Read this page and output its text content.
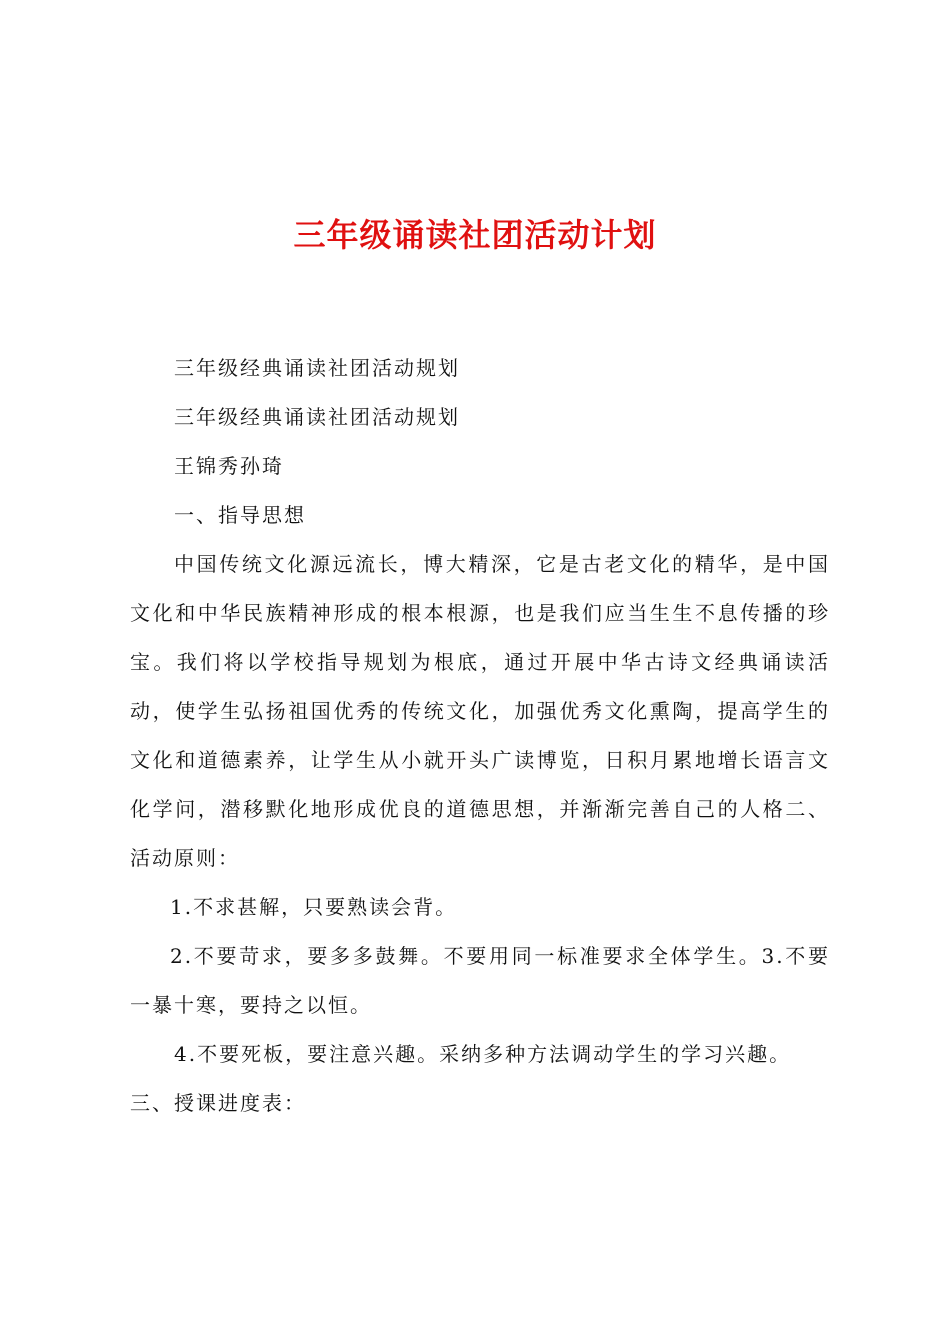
三年级诵读社团活动计划

三年级经典诵读社团活动规划

三年级经典诵读社团活动规划

王锦秀孙琦

一、指导思想

中国传统文化源远流长，博大精深，它是古老文化的精华，是中国文化和中华民族精神形成的根本根源，也是我们应当生生不息传播的珍宝。我们将以学校指导规划为根底，通过开展中华古诗文经典诵读活动，使学生弘扬祖国优秀的传统文化，加强优秀文化熏陶，提高学生的文化和道德素养，让学生从小就开头广读博览，日积月累地增长语言文化学问，潜移默化地形成优良的道德思想，并渐渐完善自己的人格二、活动原则：

1.不求甚解，只要熟读会背。

2.不要苛求，要多多鼓舞。不要用同一标准要求全体学生。3.不要一暴十寒，要持之以恒。

4.不要死板，要注意兴趣。采纳多种方法调动学生的学习兴趣。

三、授课进度表：
